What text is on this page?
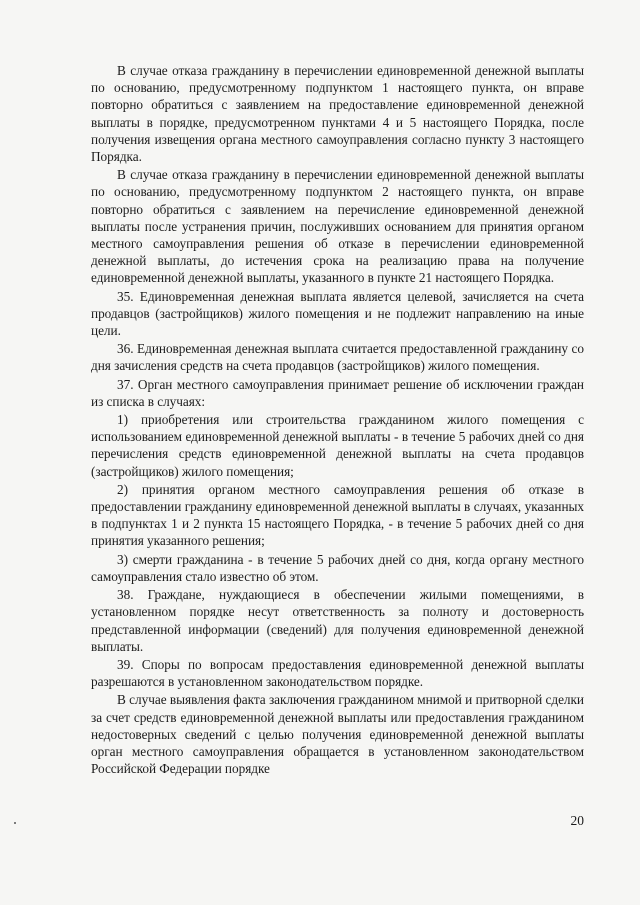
В случае отказа гражданину в перечислении единовременной денежной выплаты по основанию, предусмотренному подпунктом 1 настоящего пункта, он вправе повторно обратиться с заявлением на предоставление единовременной денежной выплаты в порядке, предусмотренном пунктами 4 и 5 настоящего Порядка, после получения извещения органа местного самоуправления согласно пункту 3 настоящего Порядка.

В случае отказа гражданину в перечислении единовременной денежной выплаты по основанию, предусмотренному подпунктом 2 настоящего пункта, он вправе повторно обратиться с заявлением на перечисление единовременной денежной выплаты после устранения причин, послуживших основанием для принятия органом местного самоуправления решения об отказе в перечислении единовременной денежной выплаты, до истечения срока на реализацию права на получение единовременной денежной выплаты, указанного в пункте 21 настоящего Порядка.

35. Единовременная денежная выплата является целевой, зачисляется на счета продавцов (застройщиков) жилого помещения и не подлежит направлению на иные цели.

36. Единовременная денежная выплата считается предоставленной гражданину со дня зачисления средств на счета продавцов (застройщиков) жилого помещения.

37. Орган местного самоуправления принимает решение об исключении граждан из списка в случаях:

1) приобретения или строительства гражданином жилого помещения с использованием единовременной денежной выплаты - в течение 5 рабочих дней со дня перечисления средств единовременной денежной выплаты на счета продавцов (застройщиков) жилого помещения;

2) принятия органом местного самоуправления решения об отказе в предоставлении гражданину единовременной денежной выплаты в случаях, указанных в подпунктах 1 и 2 пункта 15 настоящего Порядка, - в течение 5 рабочих дней со дня принятия указанного решения;

3) смерти гражданина - в течение 5 рабочих дней со дня, когда органу местного самоуправления стало известно об этом.

38. Граждане, нуждающиеся в обеспечении жилыми помещениями, в установленном порядке несут ответственность за полноту и достоверность представленной информации (сведений) для получения единовременной денежной выплаты.

39. Споры по вопросам предоставления единовременной денежной выплаты разрешаются в установленном законодательством порядке.

В случае выявления факта заключения гражданином мнимой и притворной сделки за счет средств единовременной денежной выплаты или предоставления гражданином недостоверных сведений с целью получения единовременной денежной выплаты орган местного самоуправления обращается в установленном законодательством Российской Федерации порядке

20
